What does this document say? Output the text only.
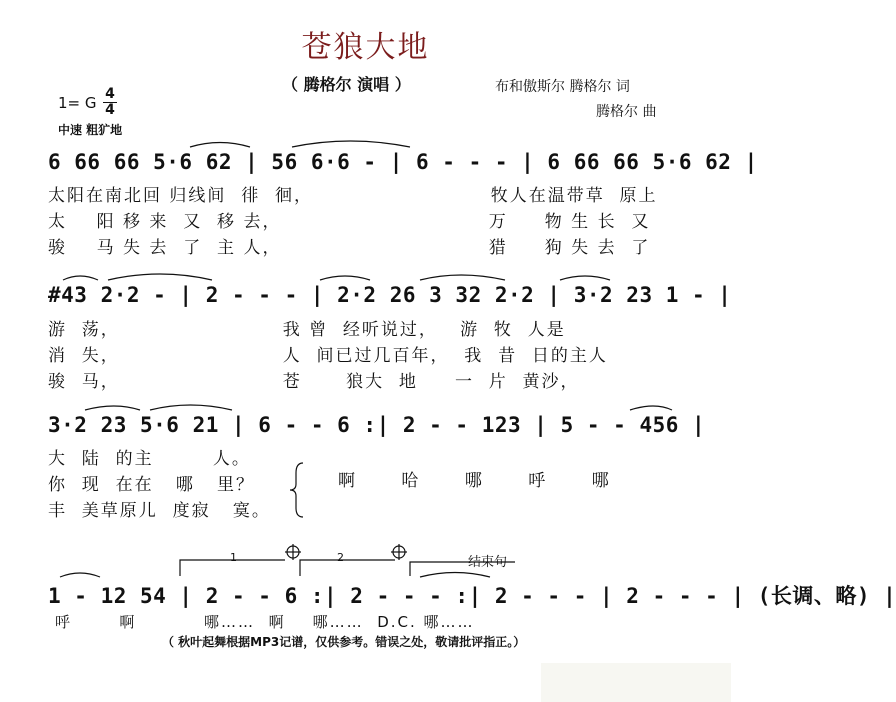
苍狼大地
（ 腾格尔 演唱 ）	布和傲斯尔 腾格尔 词
腾格尔 曲
1= G 4
4
中速 粗犷地
6 66 66 5·6 62 | 56 6·6 - | 6 - - - | 6 66 66 5·6 62 |
太阳在南北回 归线间  徘  徊，                        牧人在温带草  原上
太    阳 移 来  又  移 去，                            万     物 生 长  又
骏    马 失 去  了  主 人，                            猎     狗 失 去  了
#43 2·2 - | 2 - - - | 2·2 26 3 32 2·2 | 3·2 23 1 - |
游  荡，                      我 曾  经听说过，   游  牧  人是
消  失，                      人  间已过几百年，  我  昔  日的主人
骏  马，                      苍      狼大  地     一  片  黄沙，
3·2 23 5·6 21 | 6 - - 6 :| 2 - - 123 | 5 - - 456 |
大  陆  的主        人。
你  现  在在   哪   里？
丰  美草原儿  度寂   寞。
啊      哈      哪      呼      哪
1 - 12 54 | 2 - - 6 :| 2 - - - :| 2 - - - | 2 - - - | (长调、略) |
呼       啊          哪……  啊    哪……  D.C. 哪……
1	2	结束句
（ 秋叶起舞根据MP3记谱，仅供参考。错误之处，敬请批评指正。）
